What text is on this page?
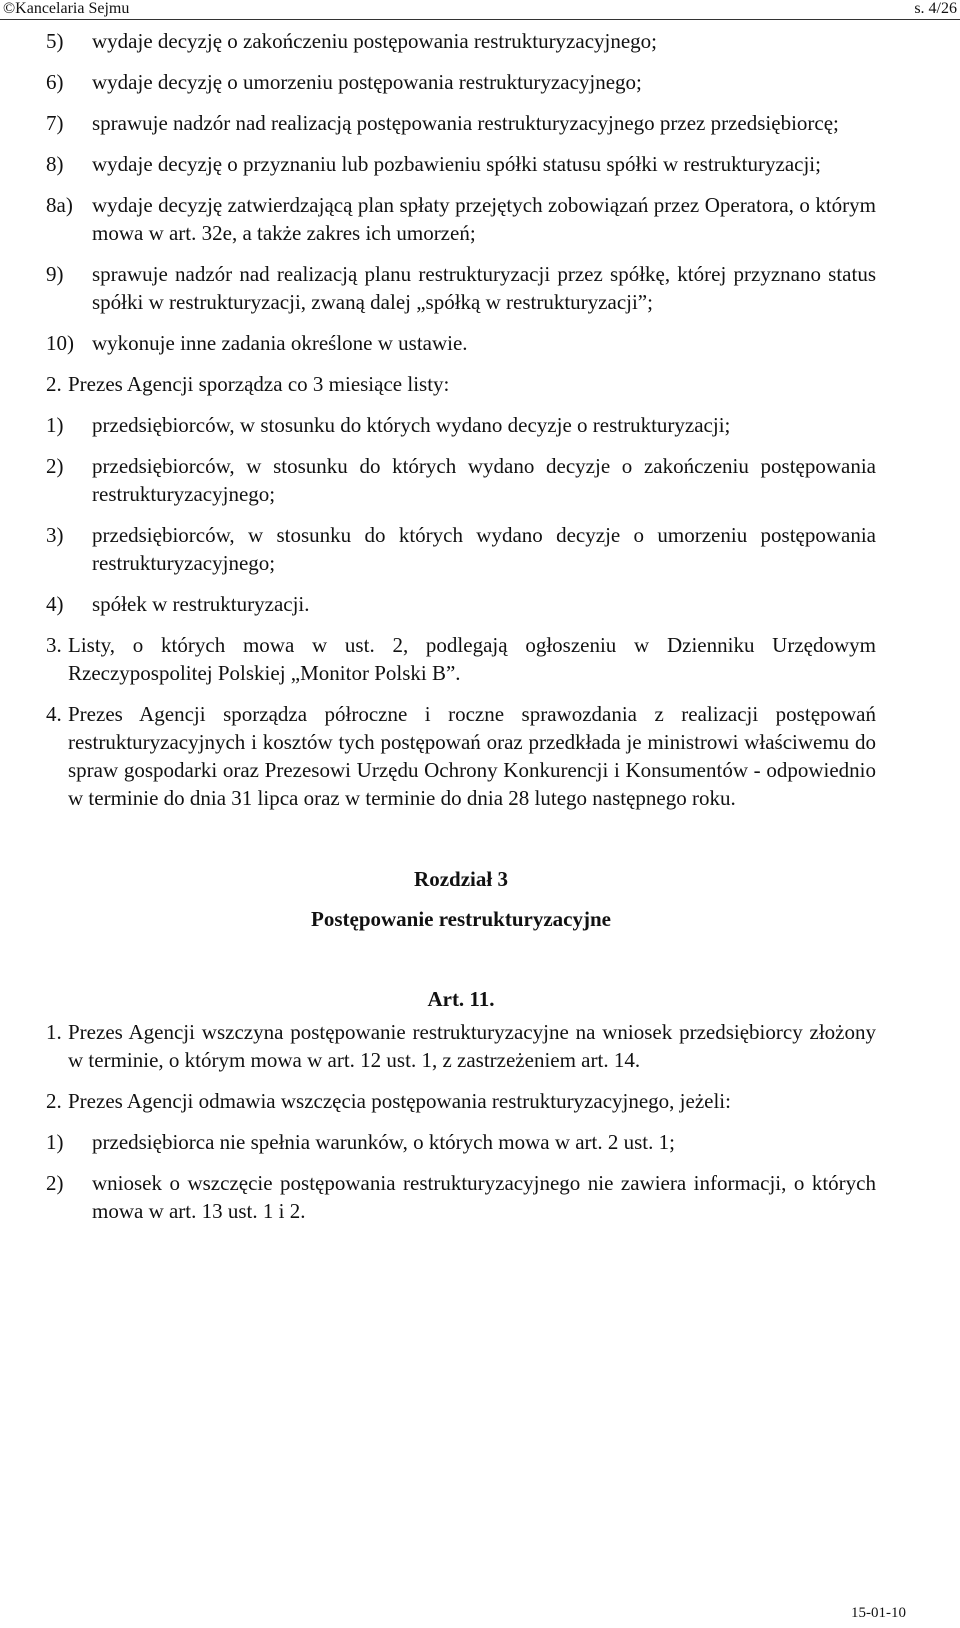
©Kancelaria Sejmu	s. 4/26
5)	wydaje decyzję o zakończeniu postępowania restrukturyzacyjnego;
6)	wydaje decyzję o umorzeniu postępowania restrukturyzacyjnego;
7)	sprawuje nadzór nad realizacją postępowania restrukturyzacyjnego przez przedsiębiorcę;
8)	wydaje decyzję o przyznaniu lub pozbawieniu spółki statusu spółki w restrukturyzacji;
8a) wydaje decyzję zatwierdzającą plan spłaty przejętych zobowiązań przez Operatora, o którym mowa w art. 32e, a także zakres ich umorzeń;
9)	sprawuje nadzór nad realizacją planu restrukturyzacji przez spółkę, której przyznano status spółki w restrukturyzacji, zwaną dalej „spółką w restrukturyzacji”;
10) wykonuje inne zadania określone w ustawie.
2. Prezes Agencji sporządza co 3 miesiące listy:
1)	przedsiębiorców, w stosunku do których wydano decyzje o restrukturyzacji;
2)	przedsiębiorców, w stosunku do których wydano decyzje o zakończeniu postępowania restrukturyzacyjnego;
3)	przedsiębiorców, w stosunku do których wydano decyzje o umorzeniu postępowania restrukturyzacyjnego;
4)	spółek w restrukturyzacji.
3. Listy, o których mowa w ust. 2, podlegają ogłoszeniu w Dzienniku Urzędowym Rzeczypospolitej Polskiej „Monitor Polski B”.
4. Prezes Agencji sporządza półroczne i roczne sprawozdania z realizacji postępowań restrukturyzacyjnych i kosztów tych postępowań oraz przedkłada je ministrowi właściwemu do spraw gospodarki oraz Prezesowi Urzędu Ochrony Konkurencji i Konsumentów - odpowiednio w terminie do dnia 31 lipca oraz w terminie do dnia 28 lutego następnego roku.

Rozdział 3

Postępowanie restrukturyzacyjne

Art. 11.

1. Prezes Agencji wszczyna postępowanie restrukturyzacyjne na wniosek przedsiębiorcy złożony w terminie, o którym mowa w art. 12 ust. 1, z zastrzeżeniem art. 14.
2. Prezes Agencji odmawia wszczęcia postępowania restrukturyzacyjnego, jeżeli:
1)	przedsiębiorca nie spełnia warunków, o których mowa w art. 2 ust. 1;
2)	wniosek o wszczęcie postępowania restrukturyzacyjnego nie zawiera informacji, o których mowa w art. 13 ust. 1 i 2.
15-01-10
